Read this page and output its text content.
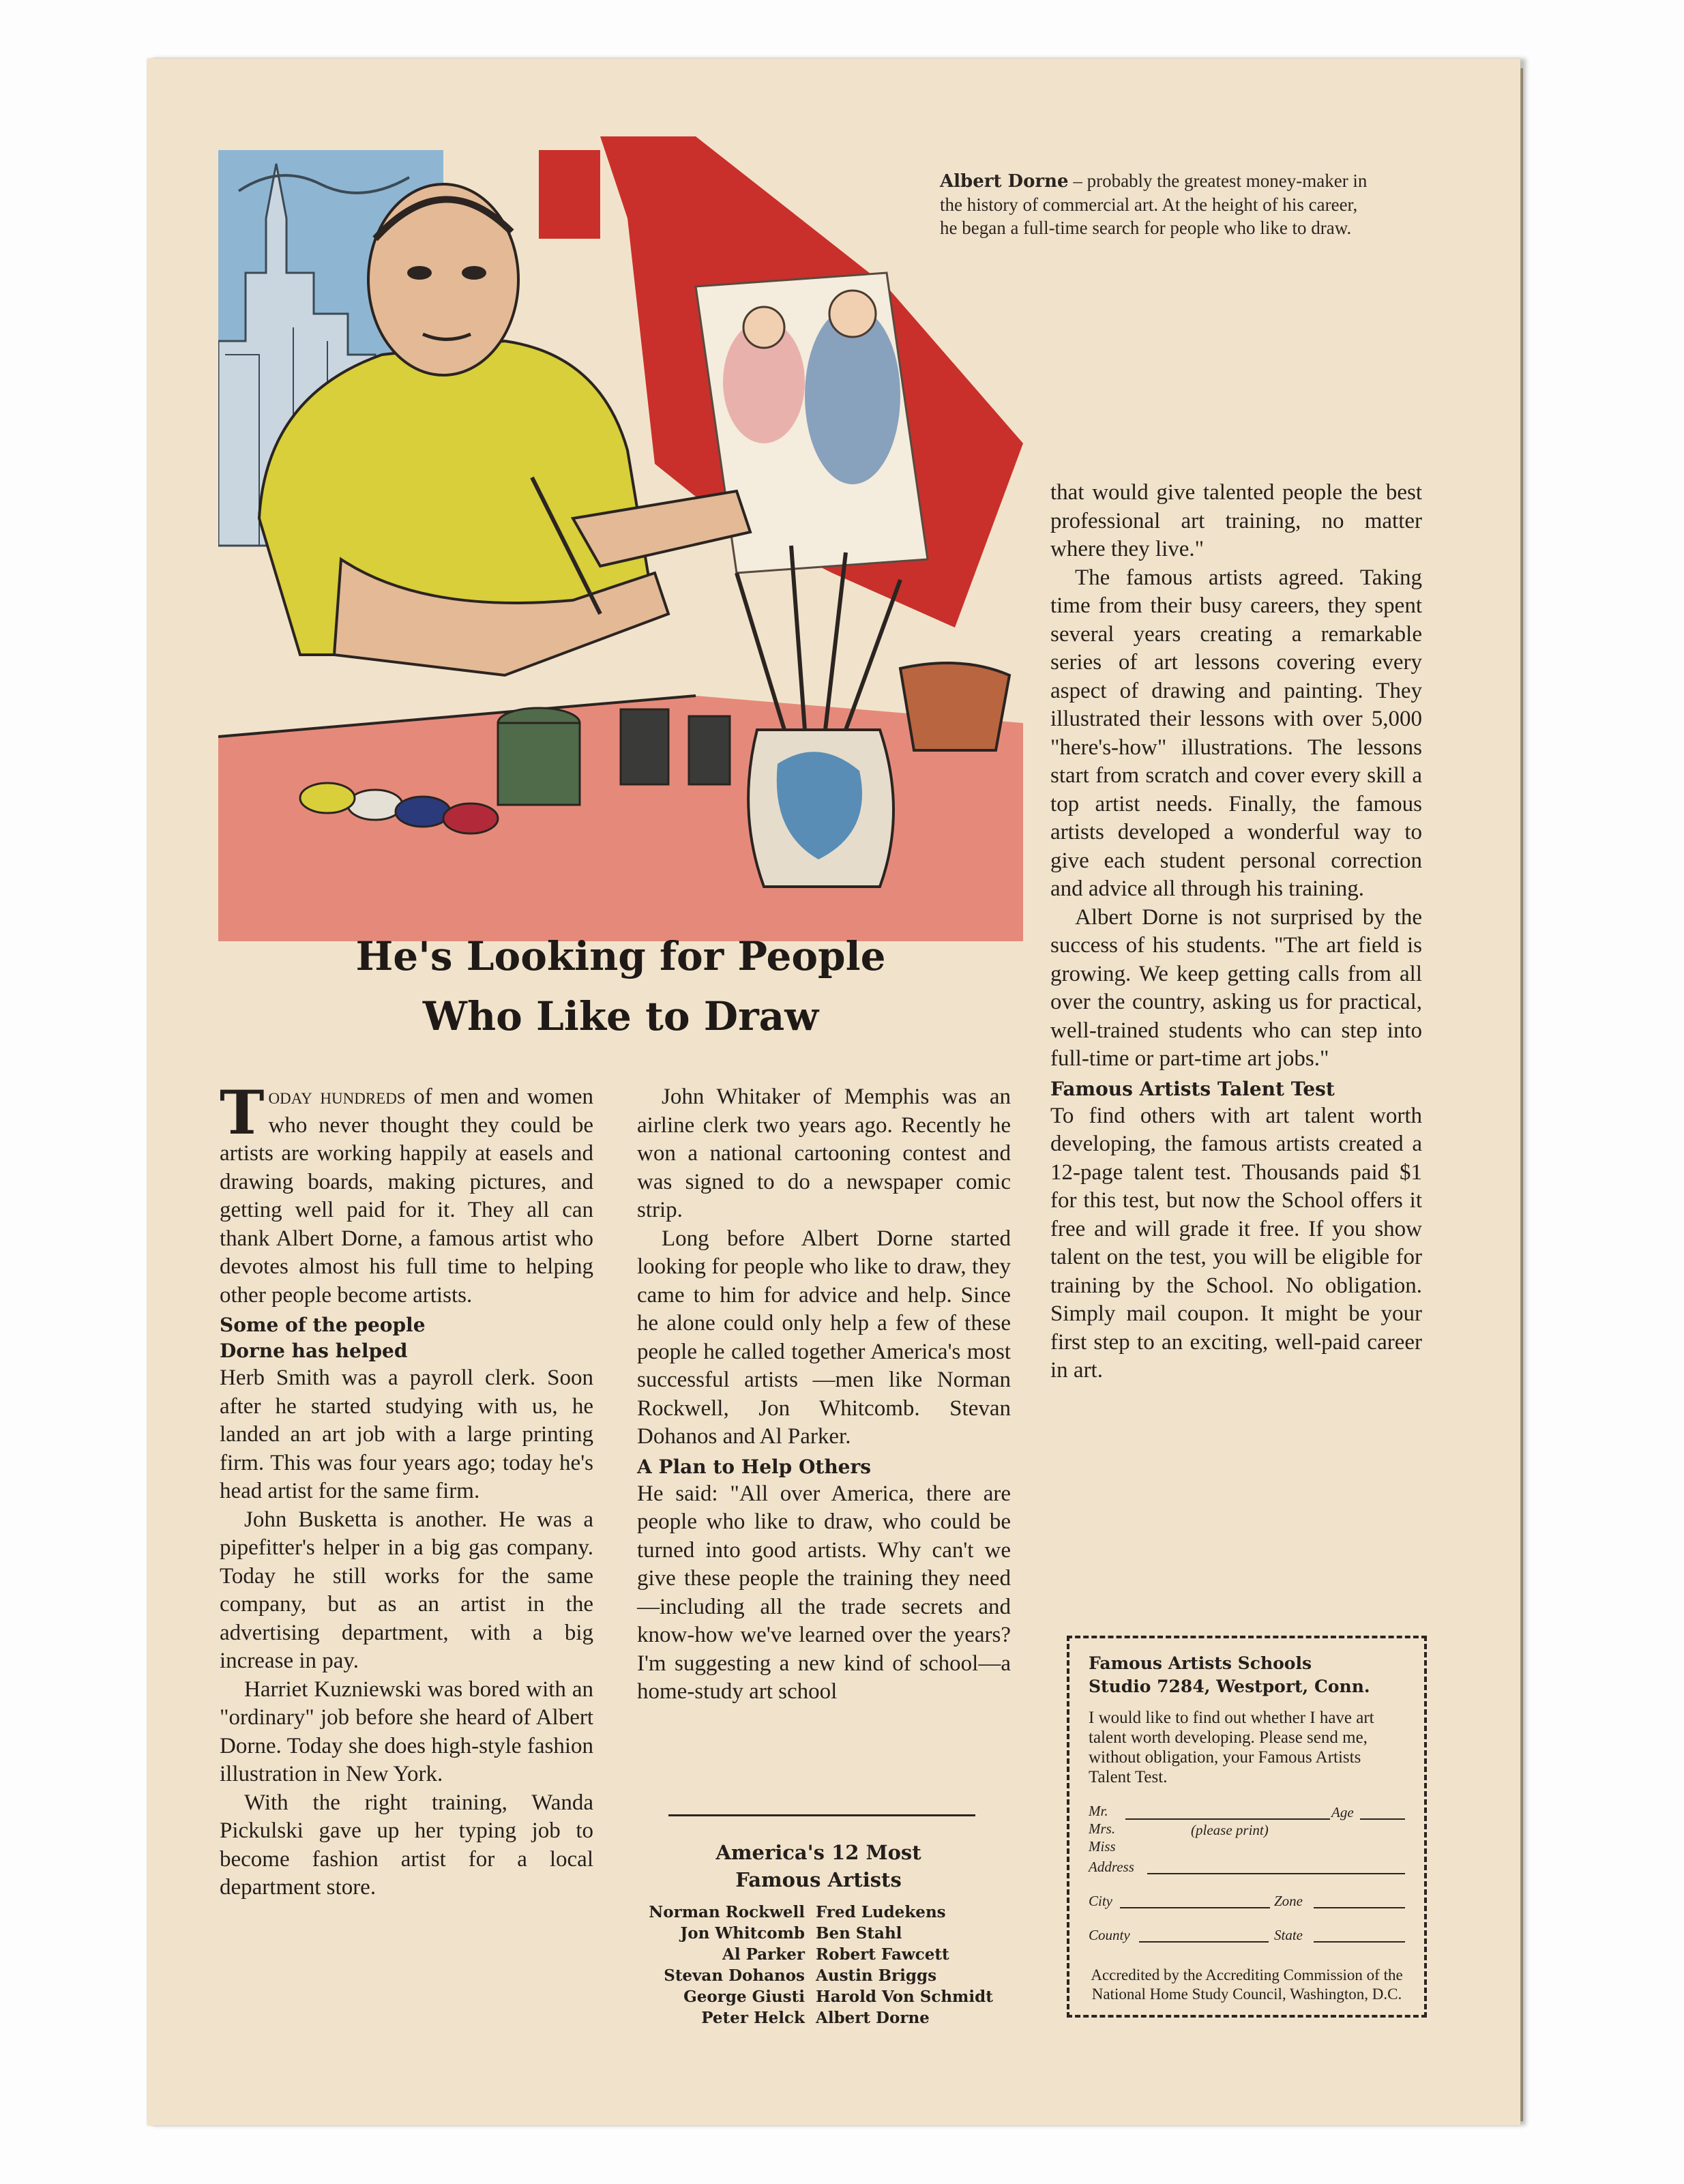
Albert Dorne – probably the greatest money-maker in the history of commercial art. At the height of his career, he began a full-time search for people who like to draw.
He's Looking for People
Who Like to Draw

Today hundreds of men and women who never thought they could be artists are working happily at easels and drawing boards, making pictures, and getting well paid for it. They all can thank Albert Dorne, a famous artist who devotes almost his full time to helping other people become artists.

Some of the people
Dorne has helped

Herb Smith was a payroll clerk. Soon after he started studying with us, he landed an art job with a large printing firm. This was four years ago; today he's head artist for the same firm.

John Busketta is another. He was a pipefitter's helper in a big gas company. Today he still works for the same company, but as an artist in the advertising department, with a big increase in pay.

Harriet Kuzniewski was bored with an "ordinary" job before she heard of Albert Dorne. Today she does high-style fashion illustration in New York.

With the right training, Wanda Pickulski gave up her typing job to become fashion artist for a local department store.

John Whitaker of Memphis was an airline clerk two years ago. Recently he won a national cartooning contest and was signed to do a newspaper comic strip.

Long before Albert Dorne started looking for people who like to draw, they came to him for advice and help. Since he alone could only help a few of these people he called together America's most successful artists —men like Norman Rockwell, Jon Whitcomb. Stevan Dohanos and Al Parker.

A Plan to Help Others

He said: "All over America, there are people who like to draw, who could be turned into good artists. Why can't we give these people the training they need—including all the trade secrets and know-how we've learned over the years? I'm suggesting a new kind of school—a home-study art school

America's 12 Most
Famous Artists
Norman Rockwell Fred Ludekens
Jon Whitcomb Ben Stahl
Al Parker Robert Fawcett
Stevan Dohanos Austin Briggs
George Giusti Harold Von Schmidt
Peter Helck Albert Dorne

that would give talented people the best professional art training, no matter where they live."

The famous artists agreed. Taking time from their busy careers, they spent several years creating a remarkable series of art lessons covering every aspect of drawing and painting. They illustrated their lessons with over 5,000 "here's-how" illustrations. The lessons start from scratch and cover every skill a top artist needs. Finally, the famous artists developed a wonderful way to give each student personal correction and advice all through his training.

Albert Dorne is not surprised by the success of his students. "The art field is growing. We keep getting calls from all over the country, asking us for practical, well-trained students who can step into full-time or part-time art jobs."

Famous Artists Talent Test

To find others with art talent worth developing, the famous artists created a 12-page talent test. Thousands paid $1 for this test, but now the School offers it free and will grade it free. If you show talent on the test, you will be eligible for training by the School. No obligation. Simply mail coupon. It might be your first step to an exciting, well-paid career in art.

Famous Artists Schools
Studio 7284, Westport, Conn.
I would like to find out whether I have art talent worth developing. Please send me, without obligation, your Famous Artists Talent Test.
Mr.
Mrs.
Miss
Age
(please print)
Address
City	Zone
County	State
Accredited by the Accrediting Commission of the National Home Study Council, Washington, D.C.
